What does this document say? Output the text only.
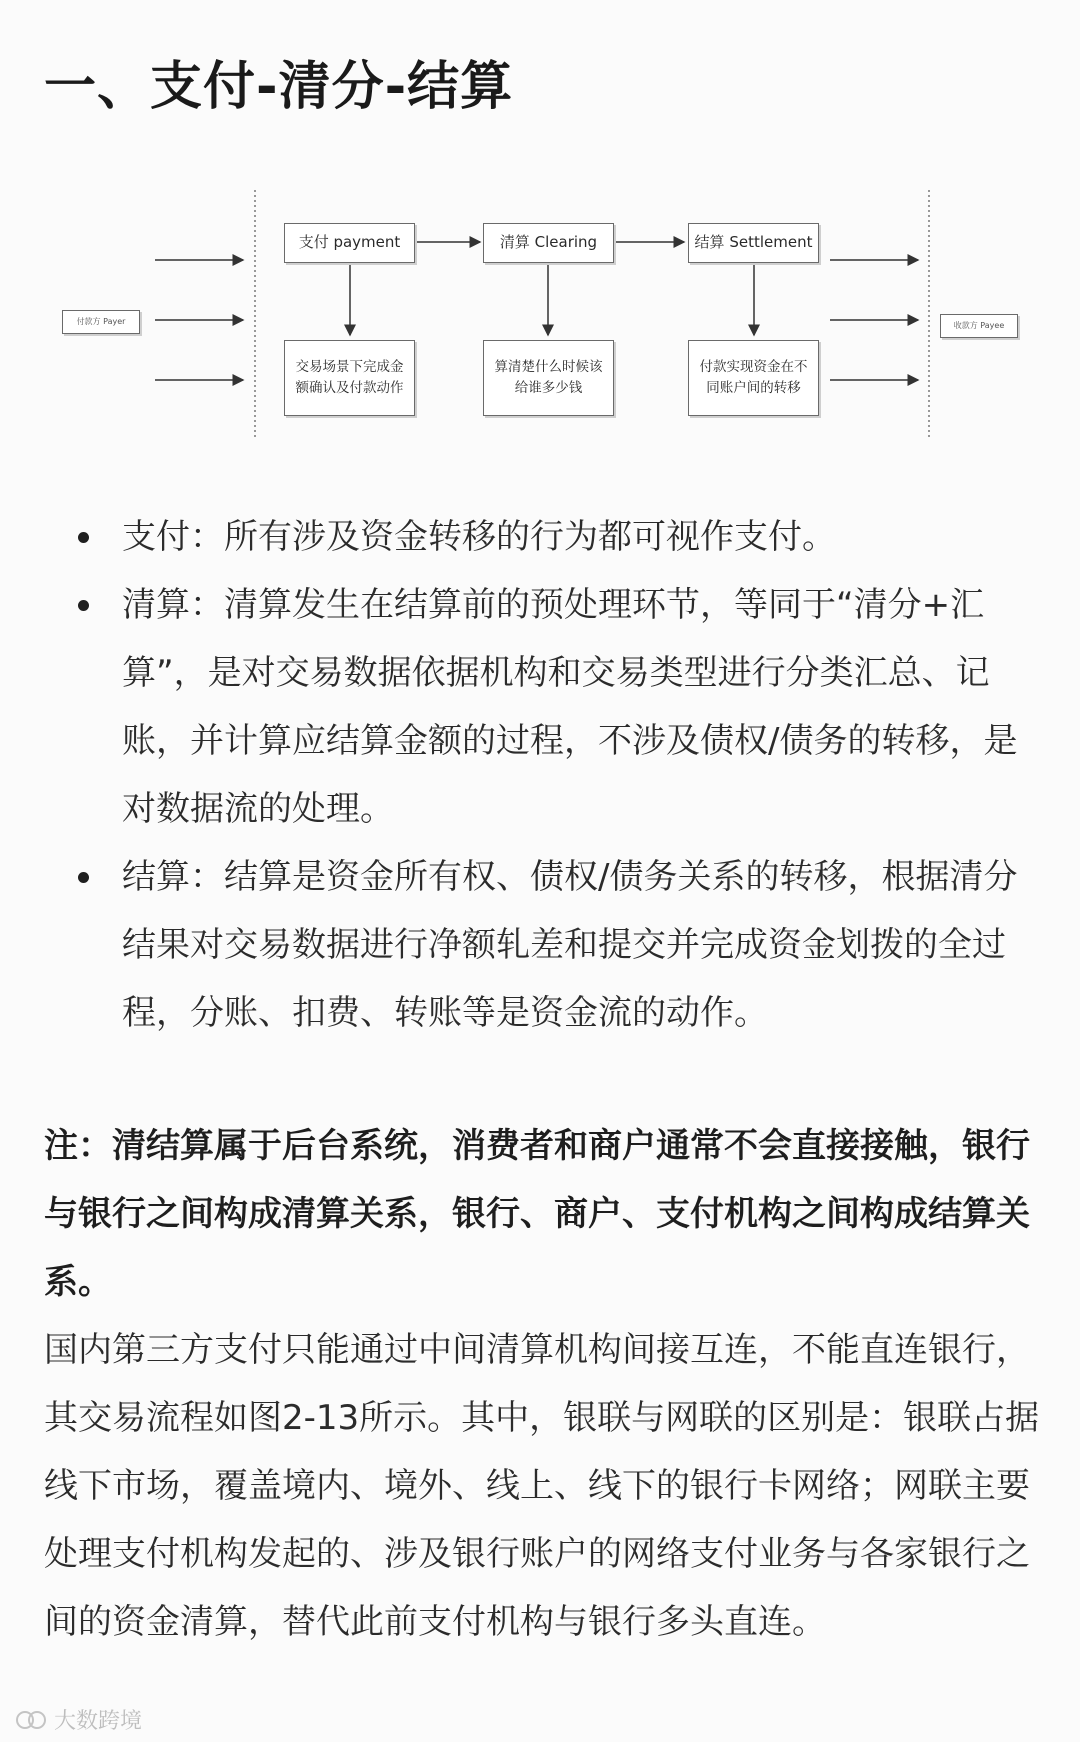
一、支付-清分-结算
付款方 Payer	收款方 Payee
支付 payment	清算 Clearing	结算 Settlement
交易场景下完成金额确认及付款动作
算清楚什么时候该给谁多少钱
付款实现资金在不同账户间的转移
支付：所有涉及资金转移的行为都可视作支付。
清算：清算发生在结算前的预处理环节，等同于“清分+汇算”，是对交易数据依据机构和交易类型进行分类汇总、记账，并计算应结算金额的过程，不涉及债权/债务的转移，是对数据流的处理。
结算：结算是资金所有权、债权/债务关系的转移，根据清分结果对交易数据进行净额轧差和提交并完成资金划拨的全过程，分账、扣费、转账等是资金流的动作。

注：清结算属于后台系统，消费者和商户通常不会直接接触，银行与银行之间构成清算关系，银行、商户、支付机构之间构成结算关系。

国内第三方支付只能通过中间清算机构间接互连，不能直连银行，其交易流程如图2-13所示。其中，银联与网联的区别是：银联占据线下市场，覆盖境内、境外、线上、线下的银行卡网络；网联主要处理支付机构发起的、涉及银行账户的网络支付业务与各家银行之间的资金清算，替代此前支付机构与银行多头直连。

大数跨境
